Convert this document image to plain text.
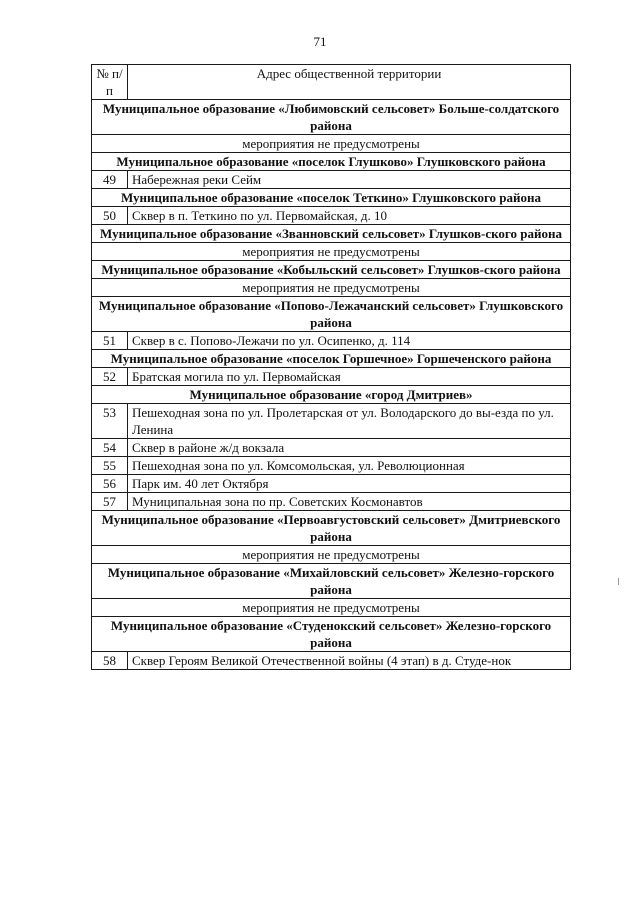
71
№ п/п	Адрес общественной территории
Муниципальное образование «Любимовский сельсовет» Больше-солдатского района	
мероприятия не предусмотрены	
Муниципальное образование «поселок Глушково» Глушковского района	
49	Набережная реки Сейм
Муниципальное образование «поселок Теткино» Глушковского района	
50	Сквер в п. Теткино по ул. Первомайская, д. 10
Муниципальное образование «Званновский сельсовет» Глушков-ского района	
мероприятия не предусмотрены	
Муниципальное образование «Кобыльский сельсовет» Глушков-ского района	
мероприятия не предусмотрены	
Муниципальное образование «Попово-Лежачанский сельсовет» Глушковского района	
51	Сквер в с. Попово-Лежачи по ул. Осипенко, д. 114
Муниципальное образование «поселок Горшечное» Горшеченского района	
52	Братская могила по ул. Первомайская
Муниципальное образование «город Дмитриев»	
53	Пешеходная зона по ул. Пролетарская от ул. Володарского до вы-езда по ул. Ленина
54	Сквер в районе ж/д вокзала
55	Пешеходная зона по ул. Комсомольская, ул. Революционная
56	Парк им. 40 лет Октября
57	Муниципальная зона по пр. Советских Космонавтов
Муниципальное образование «Первоавгустовский сельсовет» Дмитриевского района	
мероприятия не предусмотрены	
Муниципальное образование «Михайловский сельсовет» Железно-горского района	
мероприятия не предусмотрены	
Муниципальное образование «Студенокский сельсовет» Железно-горского района	
58	Сквер Героям Великой Отечественной войны (4 этап) в д. Студе-нок
